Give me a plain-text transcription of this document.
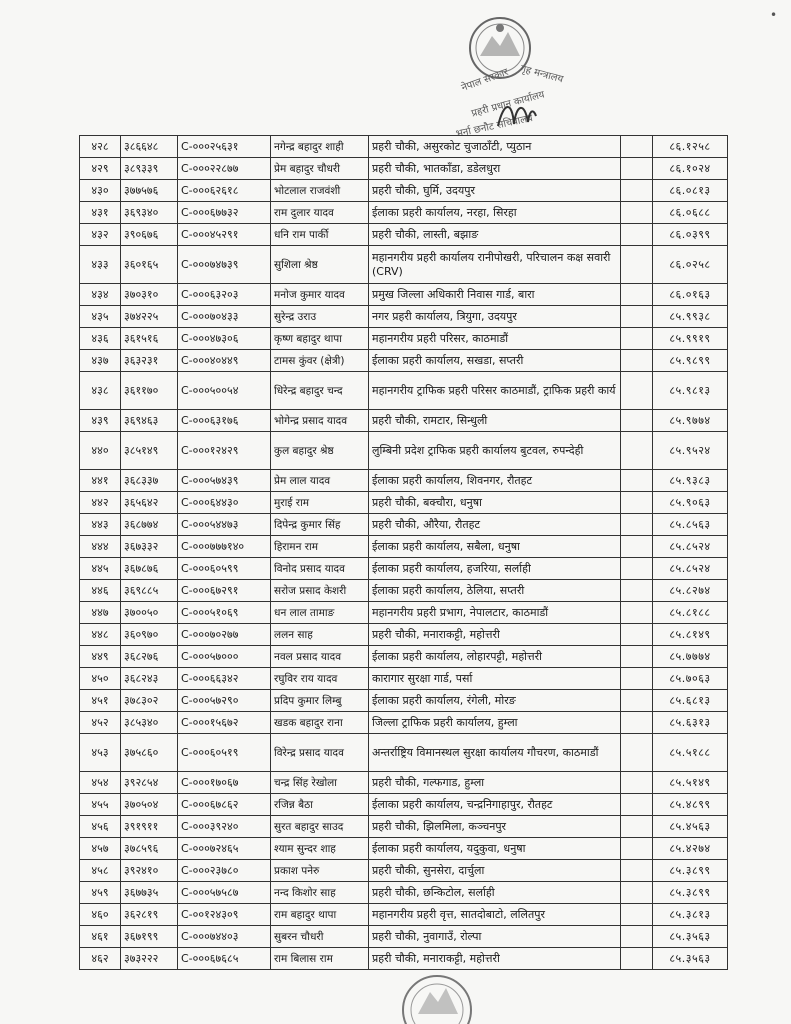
नेपाल सरकार गृह मन्त्रालय
प्रहरी प्रधान कार्यालय
भर्ना छनौट सचिवालय
•
४२८	३८६६४८	C-०००२५६३१	नगेन्द्र बहादुर शाही	प्रहरी चौकी, असुरकोट चुजाठाँटी, प्युठान		८६.१२५८
४२९	३८९३३९	C-०००२२८७७	प्रेम बहादुर चौधरी	प्रहरी चौकी, भातकाँडा, डडेलधुरा		८६.१०२४
४३०	३७७५७६	C-०००६२६१८	भोटलाल राजवंशी	प्रहरी चौकी, घुर्मि, उदयपुर		८६.०८१३
४३१	३६९३४०	C-०००६७७३२	राम दुलार यादव	ईलाका प्रहरी कार्यालय, नरहा, सिरहा		८६.०६८८
४३२	३९०६७६	C-०००४५२९१	धनि राम पार्की	प्रहरी चौकी, लास्ती, बझाङ		८६.०३९९
४३३	३६०१६५	C-०००७४७३९	सुशिला श्रेष्ठ	महानगरीय प्रहरी कार्यालय रानीपोखरी, परिचालन कक्ष सवारी (CRV)		८६.०२५८
४३४	३७०३१०	C-०००६३२०३	मनोज कुमार यादव	प्रमुख जिल्ला अधिकारी निवास गार्ड, बारा		८६.०१६३
४३५	३७४२२५	C-०००७०४३३	सुरेन्द्र उराउ	नगर प्रहरी कार्यालय, त्रियुगा, उदयपुर		८५.९९३८
४३६	३६१५१६	C-०००४७३०६	कृष्ण बहादुर थापा	महानगरीय प्रहरी परिसर, काठमाडौं		८५.९९१९
४३७	३६३२३१	C-०००४०४४९	टामस कुंवर (क्षेत्री)	ईलाका प्रहरी कार्यालय, सखडा, सप्तरी		८५.९८९९
४३८	३६११७०	C-०००५००५४	धिरेन्द्र बहादुर चन्द	महानगरीय ट्राफिक प्रहरी परिसर काठमाडौं, ट्राफिक प्रहरी कार्य		८५.९८१३
४३९	३६९४६३	C-०००६३१७६	भोगेन्द्र प्रसाद यादव	प्रहरी चौकी, रामटार, सिन्धुली		८५.९७७४
४४०	३८५१४९	C-०००१२४२९	कुल बहादुर श्रेष्ठ	लुम्बिनी प्रदेश ट्राफिक प्रहरी कार्यालय बुटवल, रुपन्देही		८५.९५२४
४४१	३६८३३७	C-०००५७४३९	प्रेम लाल यादव	ईलाका प्रहरी कार्यालय, शिवनगर, रौतहट		८५.९३८३
४४२	३६५६४२	C-०००६४४३०	मुराई राम	प्रहरी चौकी, बक्चौरा, धनुषा		८५.९०६३
४४३	३६८७७४	C-०००५४४७३	दिपेन्द्र कुमार सिंह	प्रहरी चौकी, औरैया, रौतहट		८५.८५६३
४४४	३६७३३२	C-०००७७७१४०	हिरामन राम	ईलाका प्रहरी कार्यालय, सबैला, धनुषा		८५.८५२४
४४५	३६७८७६	C-०००६०५९९	विनोद प्रसाद यादव	ईलाका प्रहरी कार्यालय, हजरिया, सर्लाही		८५.८५२४
४४६	३६९८८५	C-०००६७२९१	सरोज प्रसाद केशरी	ईलाका प्रहरी कार्यालय, ठेलिया, सप्तरी		८५.८२७४
४४७	३७००५०	C-०००५१०६९	धन लाल तामाङ	महानगरीय प्रहरी प्रभाग, नेपालटार, काठमाडौं		८५.८१८८
४४८	३६०९७०	C-०००७०२७७	ललन साह	प्रहरी चौकी, मनाराकट्टी, महोत्तरी		८५.८१४९
४४९	३६८२७६	C-०००५७०००	नवल प्रसाद यादव	ईलाका प्रहरी कार्यालय, लोहारपट्टी, महोत्तरी		८५.७७७४
४५०	३६८२४३	C-०००६६३४२	रघुविर राय यादव	कारागार सुरक्षा गार्ड, पर्सा		८५.७०६३
४५१	३७८३०२	C-०००५७२९०	प्रदिप कुमार लिम्बु	ईलाका प्रहरी कार्यालय, रंगेली, मोरङ		८५.६८१३
४५२	३८५३४०	C-०००१५६७२	खडक बहादुर राना	जिल्ला ट्राफिक प्रहरी कार्यालय, हुम्ला		८५.६३१३
४५३	३७५८६०	C-०००६०५१९	विरेन्द्र प्रसाद यादव	अन्तर्राष्ट्रिय विमानस्थल सुरक्षा कार्यालय गौचरण, काठमाडौं		८५.५१८८
४५४	३९२८५४	C-०००१७०६७	चन्द्र सिंह रेखोला	प्रहरी चौकी, गल्फगाड, हुम्ला		८५.५१४९
४५५	३७०५०४	C-०००६७८६२	रजिन्न बैठा	ईलाका प्रहरी कार्यालय, चन्द्रनिगाहापुर, रौतहट		८५.४८९९
४५६	३९१९११	C-०००३९२४०	सुरत बहादुर साउद	प्रहरी चौकी, झिलमिला, कञ्चनपुर		८५.४५६३
४५७	३७८५९६	C-०००७२४६५	श्याम सुन्दर शाह	ईलाका प्रहरी कार्यालय, यदुकुवा, धनुषा		८५.४२७४
४५८	३९२४१०	C-०००२३७८०	प्रकाश पनेरु	प्रहरी चौकी, सुनसेरा, दार्चुला		८५.३८९९
४५९	३६७७३५	C-०००५७५८७	नन्द किशोर साह	प्रहरी चौकी, छन्किटोल, सर्लाही		८५.३८९९
४६०	३६२८१९	C-००१२४३०९	राम बहादुर थापा	महानगरीय प्रहरी वृत्त, सातदोबाटो, ललितपुर		८५.३८१३
४६१	३६७१९९	C-०००७४४०३	सुबरन चौधरी	प्रहरी चौकी, नुवागाउँ, रोल्पा		८५.३५६३
४६२	३७३२२२	C-०००६७६८५	राम बिलास राम	प्रहरी चौकी, मनाराकट्टी, महोत्तरी		८५.३५६३
